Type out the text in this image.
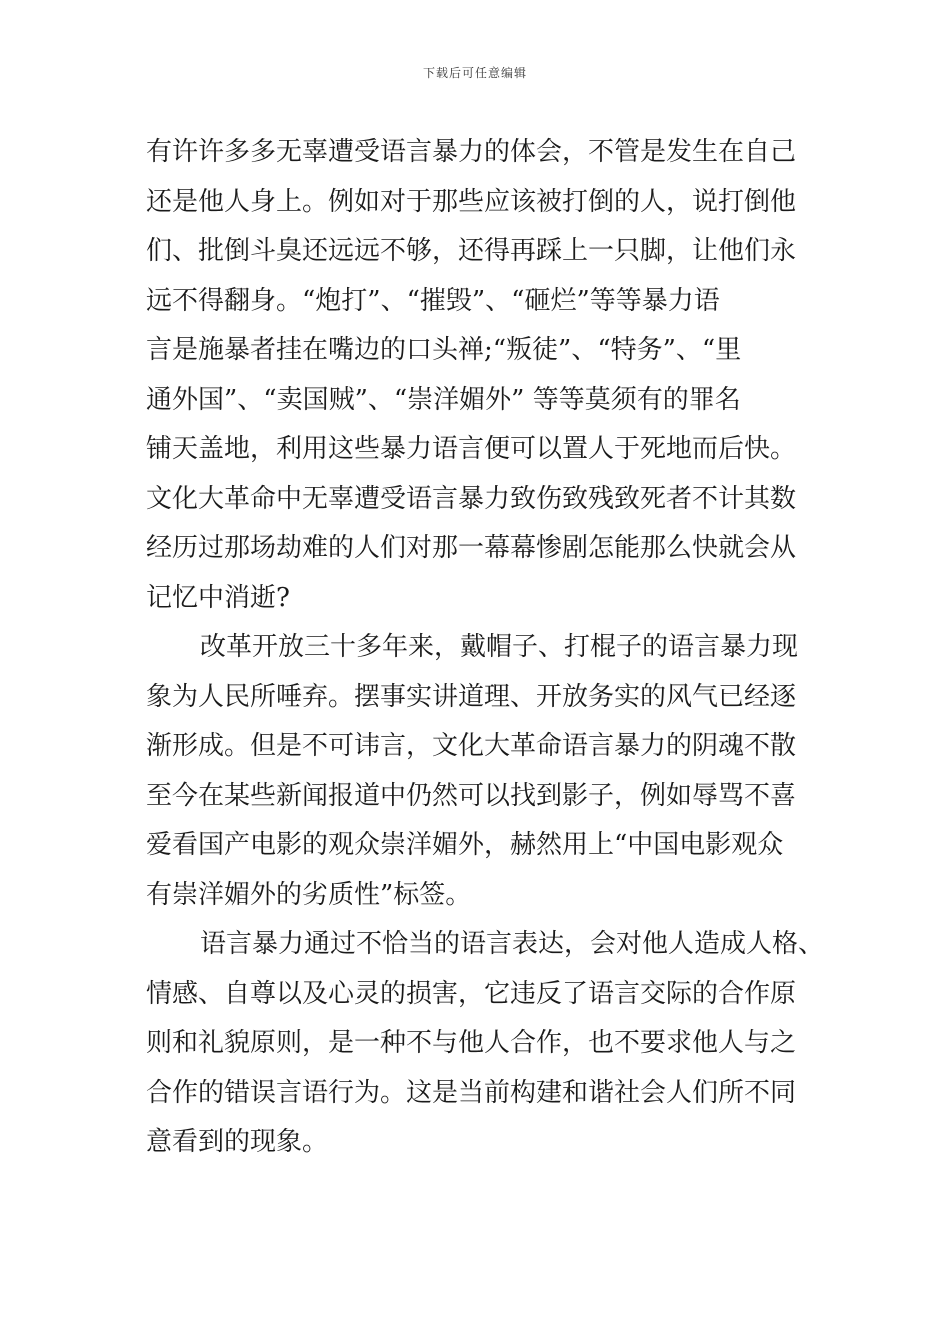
下载后可任意编辑
有许许多多无辜遭受语言暴力的体会，不管是发生在自己
还是他人身上。例如对于那些应该被打倒的人，说打倒他
们、批倒斗臭还远远不够，还得再踩上一只脚，让他们永
远不得翻身。“炮打”、“摧毁”、“砸烂”等等暴力语
言是施暴者挂在嘴边的口头禅;“叛徒”、“特务”、“里
通外国”、“卖国贼”、“崇洋媚外” 等等莫须有的罪名
铺天盖地，利用这些暴力语言便可以置人于死地而后快。
文化大革命中无辜遭受语言暴力致伤致残致死者不计其数
经历过那场劫难的人们对那一幕幕惨剧怎能那么快就会从
记忆中消逝?
改革开放三十多年来，戴帽子、打棍子的语言暴力现
象为人民所唾弃。摆事实讲道理、开放务实的风气已经逐
渐形成。但是不可讳言，文化大革命语言暴力的阴魂不散
至今在某些新闻报道中仍然可以找到影子，例如辱骂不喜
爱看国产电影的观众崇洋媚外，赫然用上“中国电影观众
有崇洋媚外的劣质性”标签。
语言暴力通过不恰当的语言表达，会对他人造成人格、
情感、自尊以及心灵的损害，它违反了语言交际的合作原
则和礼貌原则，是一种不与他人合作，也不要求他人与之
合作的错误言语行为。这是当前构建和谐社会人们所不同
意看到的现象。
